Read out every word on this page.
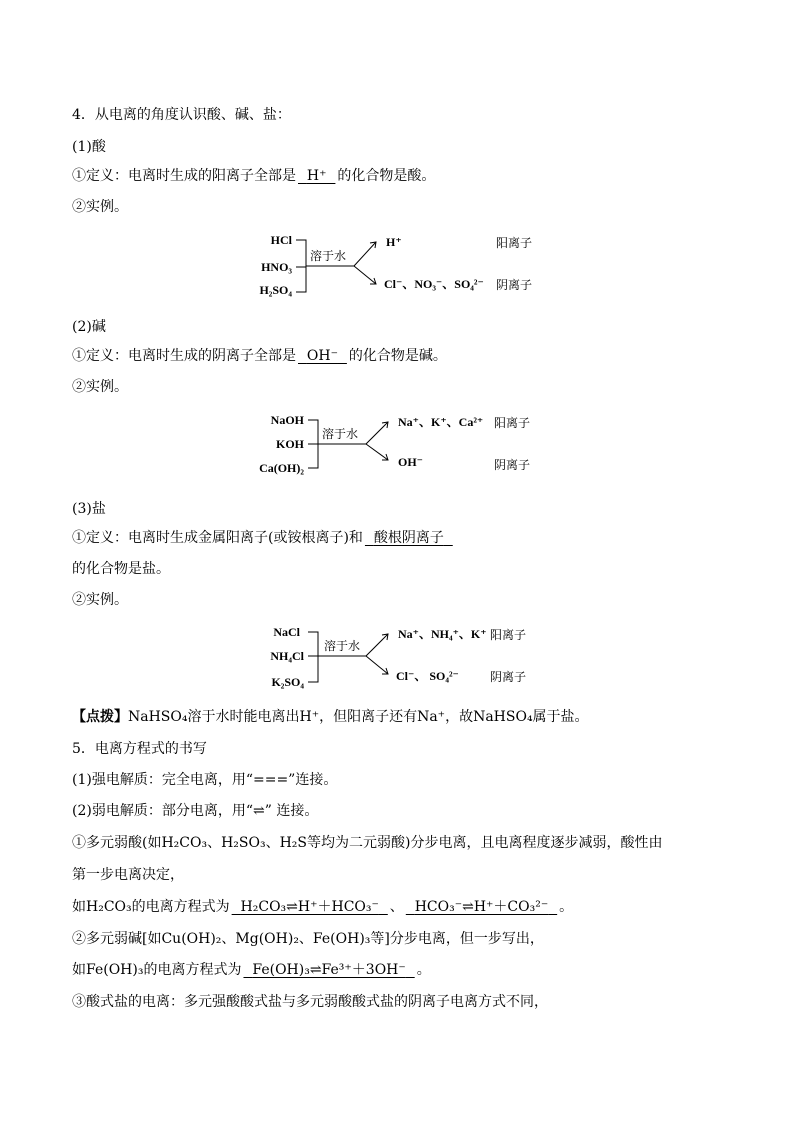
4．从电离的角度认识酸、碱、盐：
(1)酸
①定义：电离时生成的阳离子全部是 H⁺ 的化合物是酸。
②实例。
HCl
HNO₃
H₂SO₄
溶于水
H⁺
Cl⁻、NO₃⁻、SO₄²⁻
阳离子
阴离子
(2)碱
①定义：电离时生成的阴离子全部是 OH⁻ 的化合物是碱。
②实例。
NaOH
KOH
Ca(OH)₂
溶于水
Na⁺、K⁺、Ca²⁺
OH⁻
阳离子
阴离子
(3)盐
①定义：电离时生成金属阳离子(或铵根离子)和 酸根阴离子
的化合物是盐。
②实例。
NaCl
NH₄Cl
K₂SO₄
溶于水
Na⁺、NH₄⁺、K⁺
Cl⁻、 SO₄²⁻
阳离子
阴离子
【点拨】NaHSO₄溶于水时能电离出H⁺，但阳离子还有Na⁺，故NaHSO₄属于盐。
5．电离方程式的书写
(1)强电解质：完全电离，用“===”连接。
(2)弱电解质：部分电离，用“⇌” 连接。
①多元弱酸(如H₂CO₃、H₂SO₃、H₂S等均为二元弱酸)分步电离，且电离程度逐步减弱，酸性由
第一步电离决定，
如H₂CO₃的电离方程式为 H₂CO₃⇌H⁺＋HCO₃⁻ 、 HCO₃⁻⇌H⁺＋CO₃²⁻ 。
②多元弱碱[如Cu(OH)₂、Mg(OH)₂、Fe(OH)₃等]分步电离，但一步写出，
如Fe(OH)₃的电离方程式为 Fe(OH)₃⇌Fe³⁺＋3OH⁻ 。
③酸式盐的电离：多元强酸酸式盐与多元弱酸酸式盐的阴离子电离方式不同，
